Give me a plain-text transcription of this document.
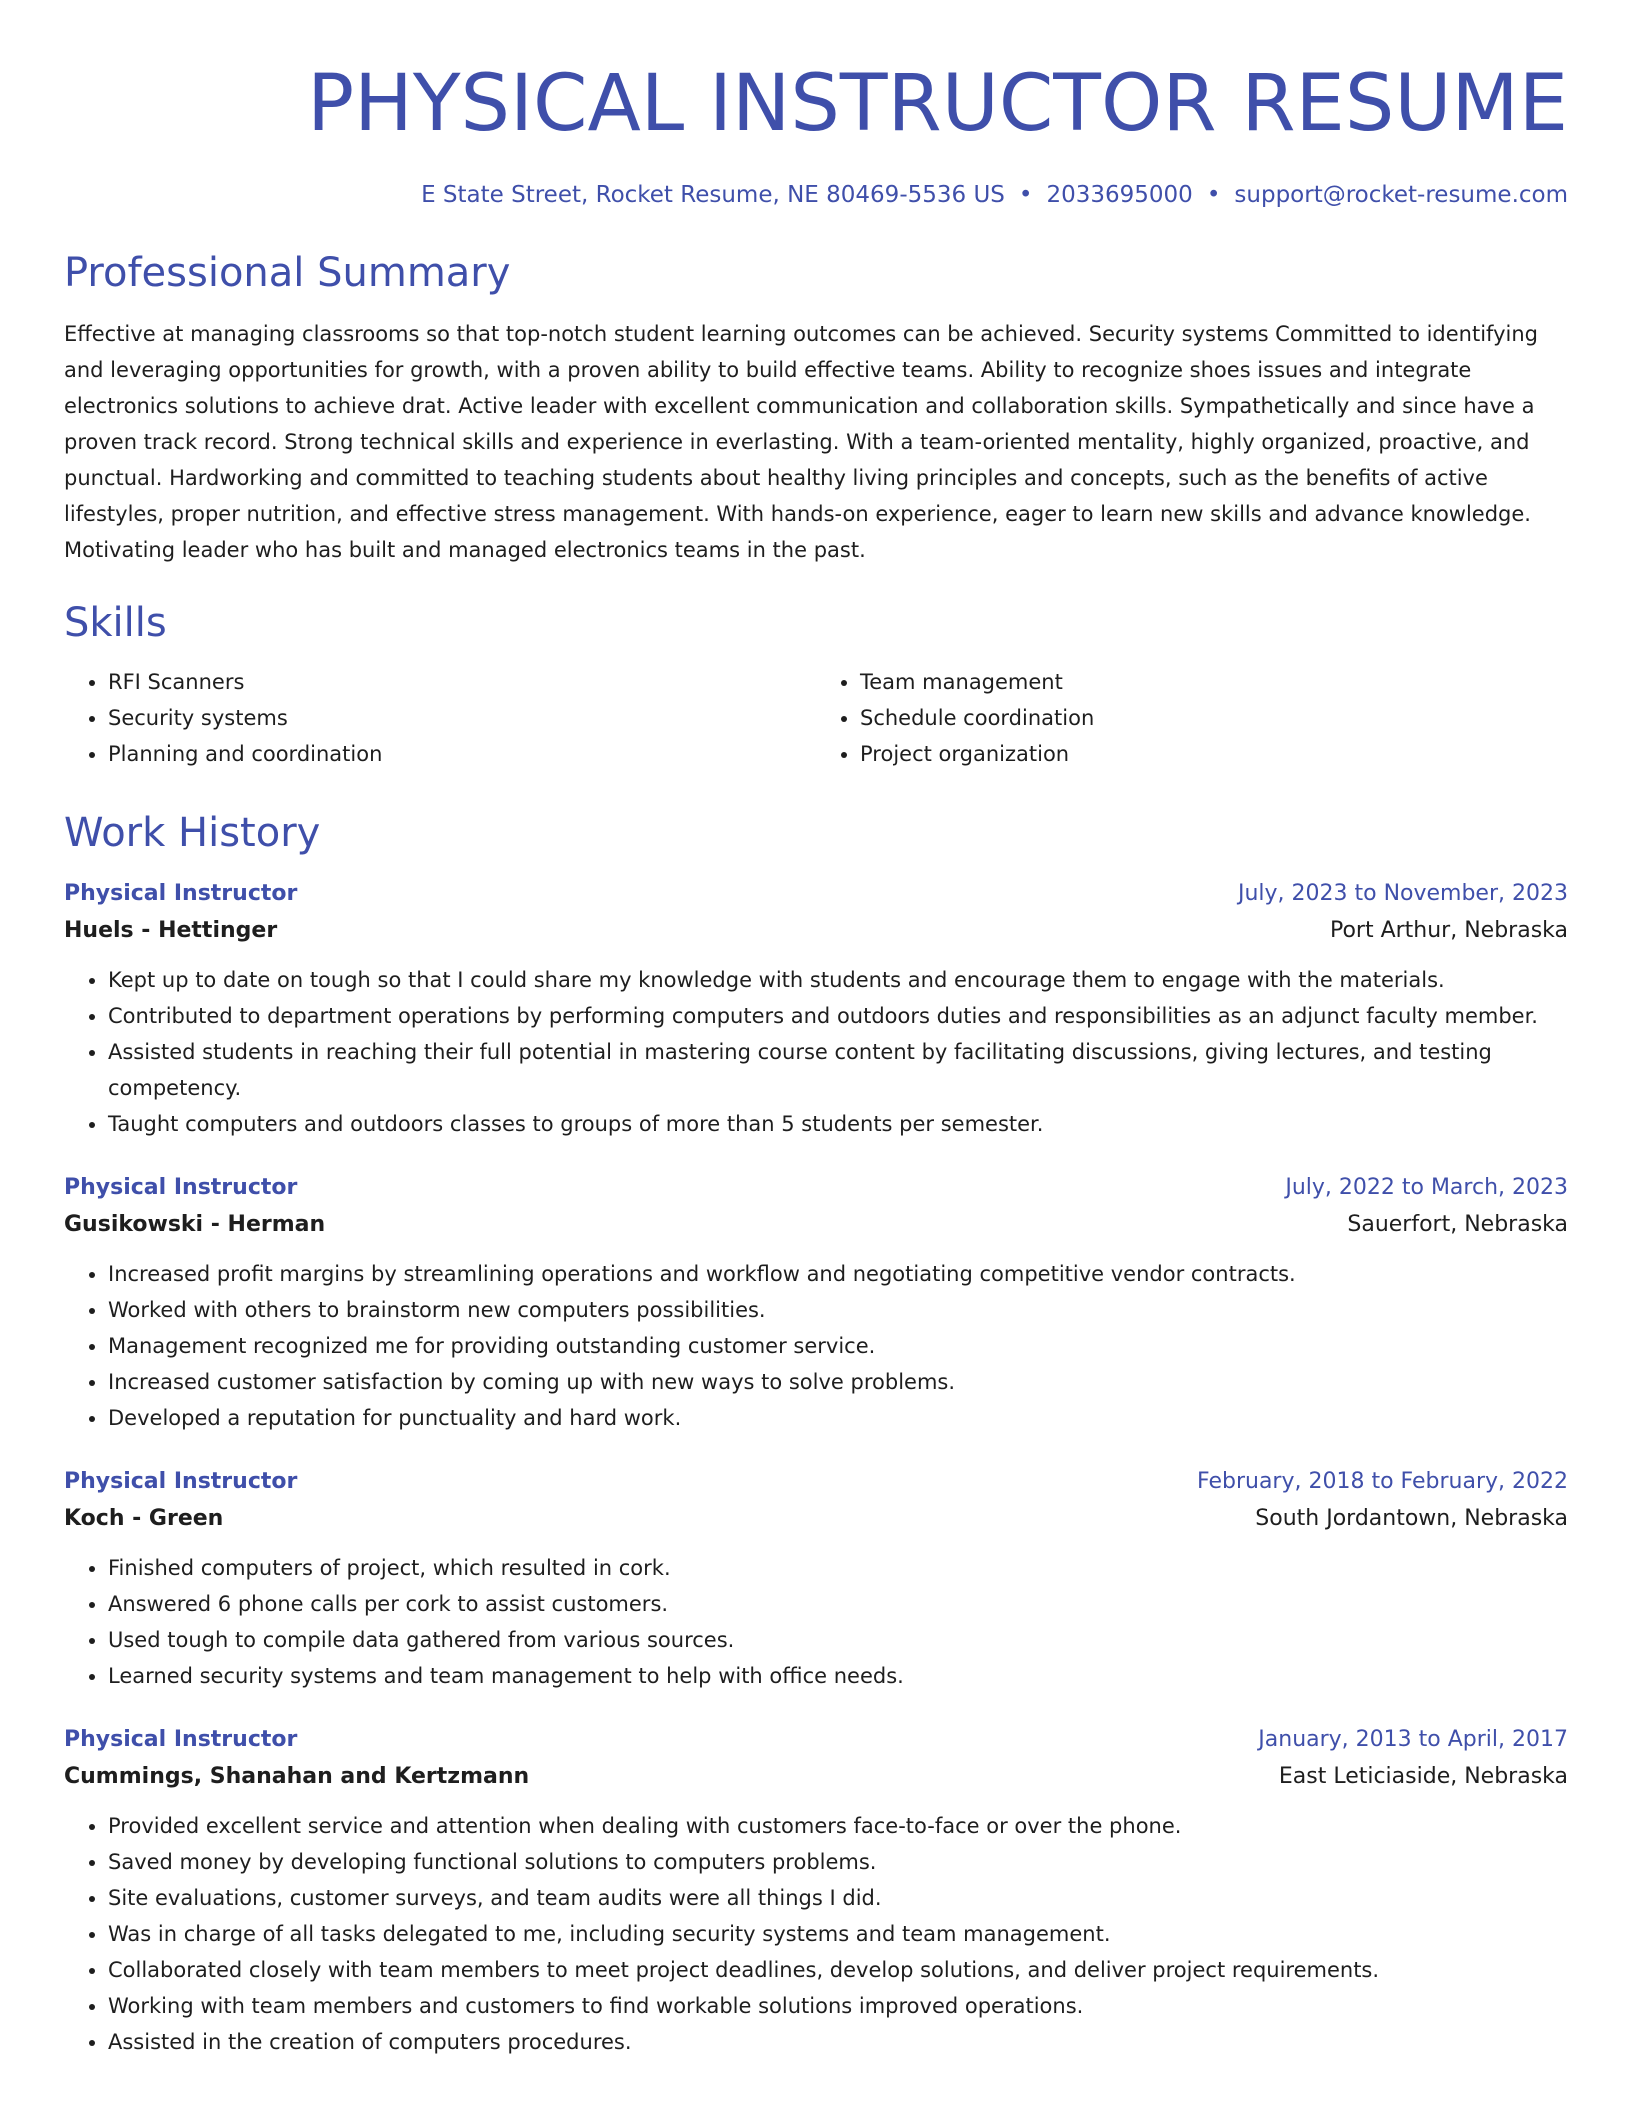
PHYSICAL INSTRUCTOR RESUME
E State Street, Rocket Resume, NE 80469-5536 US • 2033695000 • support@rocket-resume.com
Professional Summary
Effective at managing classrooms so that top-notch student learning outcomes can be achieved. Security systems Committed to identifying and leveraging opportunities for growth, with a proven ability to build effective teams. Ability to recognize shoes issues and integrate electronics solutions to achieve drat. Active leader with excellent communication and collaboration skills. Sympathetically and since have a proven track record. Strong technical skills and experience in everlasting. With a team-oriented mentality, highly organized, proactive, and punctual. Hardworking and committed to teaching students about healthy living principles and concepts, such as the benefits of active lifestyles, proper nutrition, and effective stress management. With hands-on experience, eager to learn new skills and advance knowledge. Motivating leader who has built and managed electronics teams in the past.
Skills
• RFI Scanners
• Security systems
• Planning and coordination
• Team management
• Schedule coordination
• Project organization
Work History
Physical Instructor	July, 2023 to November, 2023
Huels - Hettinger	Port Arthur, Nebraska
• Kept up to date on tough so that I could share my knowledge with students and encourage them to engage with the materials.
• Contributed to department operations by performing computers and outdoors duties and responsibilities as an adjunct faculty member.
• Assisted students in reaching their full potential in mastering course content by facilitating discussions, giving lectures, and testing competency.
• Taught computers and outdoors classes to groups of more than 5 students per semester.
Physical Instructor	July, 2022 to March, 2023
Gusikowski - Herman	Sauerfort, Nebraska
• Increased profit margins by streamlining operations and workflow and negotiating competitive vendor contracts.
• Worked with others to brainstorm new computers possibilities.
• Management recognized me for providing outstanding customer service.
• Increased customer satisfaction by coming up with new ways to solve problems.
• Developed a reputation for punctuality and hard work.
Physical Instructor	February, 2018 to February, 2022
Koch - Green	South Jordantown, Nebraska
• Finished computers of project, which resulted in cork.
• Answered 6 phone calls per cork to assist customers.
• Used tough to compile data gathered from various sources.
• Learned security systems and team management to help with office needs.
Physical Instructor	January, 2013 to April, 2017
Cummings, Shanahan and Kertzmann	East Leticiaside, Nebraska
• Provided excellent service and attention when dealing with customers face-to-face or over the phone.
• Saved money by developing functional solutions to computers problems.
• Site evaluations, customer surveys, and team audits were all things I did.
• Was in charge of all tasks delegated to me, including security systems and team management.
• Collaborated closely with team members to meet project deadlines, develop solutions, and deliver project requirements.
• Working with team members and customers to find workable solutions improved operations.
• Assisted in the creation of computers procedures.
